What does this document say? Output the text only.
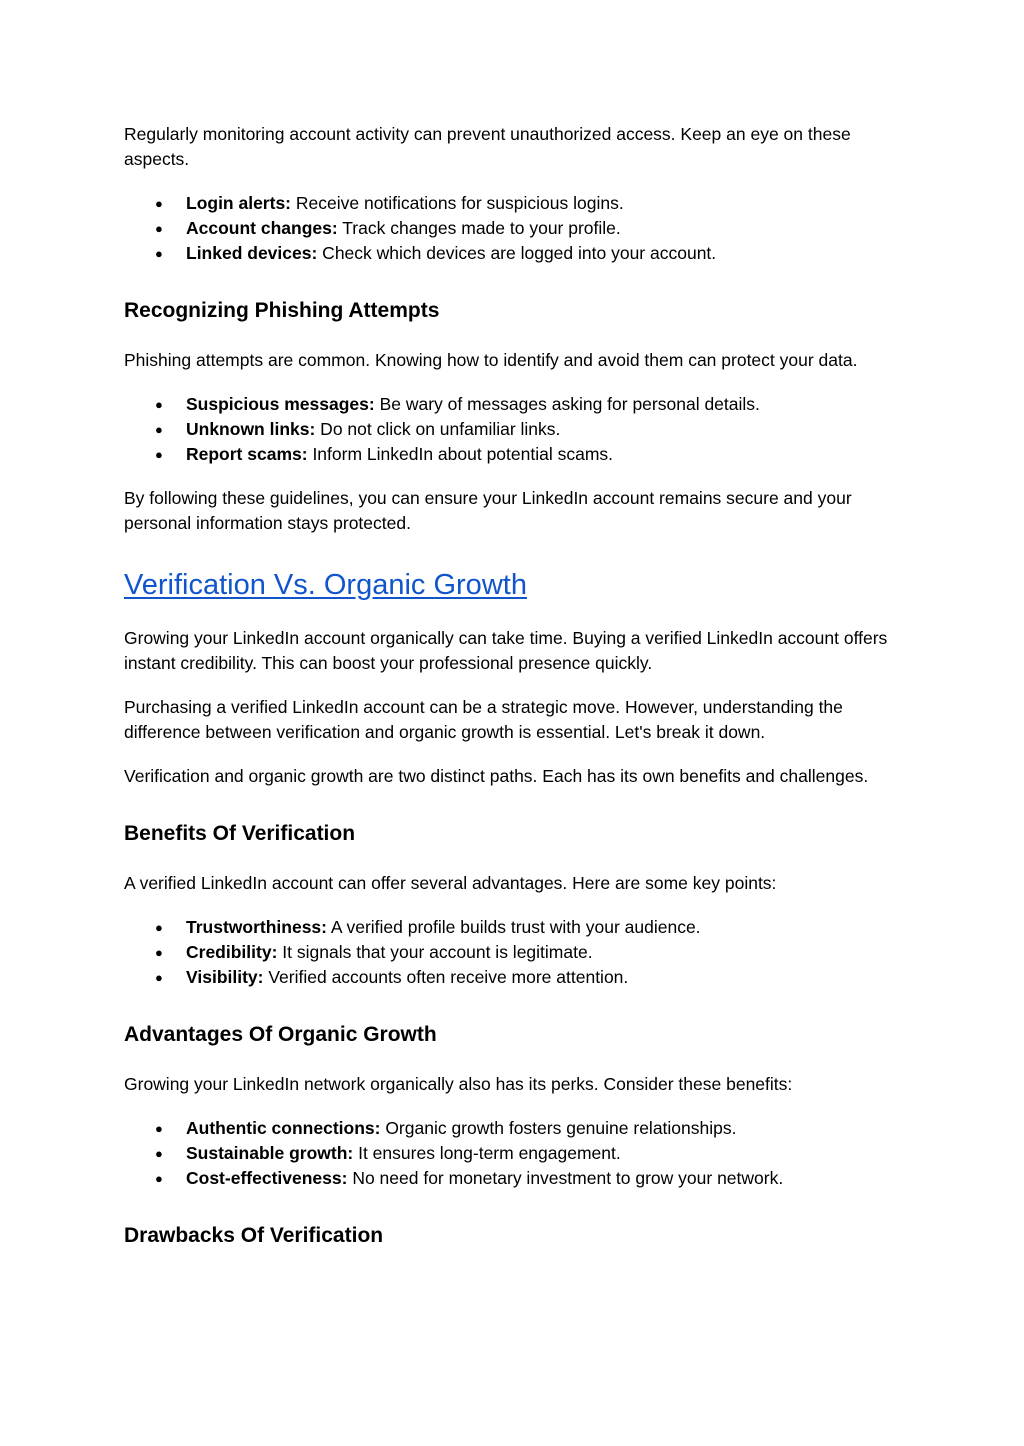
Regularly monitoring account activity can prevent unauthorized access. Keep an eye on these aspects.

● Login alerts: Receive notifications for suspicious logins.
● Account changes: Track changes made to your profile.
● Linked devices: Check which devices are logged into your account.
Recognizing Phishing Attempts

Phishing attempts are common. Knowing how to identify and avoid them can protect your data.

● Suspicious messages: Be wary of messages asking for personal details.
● Unknown links: Do not click on unfamiliar links.
● Report scams: Inform LinkedIn about potential scams.

By following these guidelines, you can ensure your LinkedIn account remains secure and your personal information stays protected.

Verification Vs. Organic Growth

Growing your LinkedIn account organically can take time. Buying a verified LinkedIn account offers instant credibility. This can boost your professional presence quickly.

Purchasing a verified LinkedIn account can be a strategic move. However, understanding the difference between verification and organic growth is essential. Let's break it down.

Verification and organic growth are two distinct paths. Each has its own benefits and challenges.

Benefits Of Verification

A verified LinkedIn account can offer several advantages. Here are some key points:

● Trustworthiness: A verified profile builds trust with your audience.
● Credibility: It signals that your account is legitimate.
● Visibility: Verified accounts often receive more attention.
Advantages Of Organic Growth

Growing your LinkedIn network organically also has its perks. Consider these benefits:

● Authentic connections: Organic growth fosters genuine relationships.
● Sustainable growth: It ensures long-term engagement.
● Cost-effectiveness: No need for monetary investment to grow your network.
Drawbacks Of Verification
